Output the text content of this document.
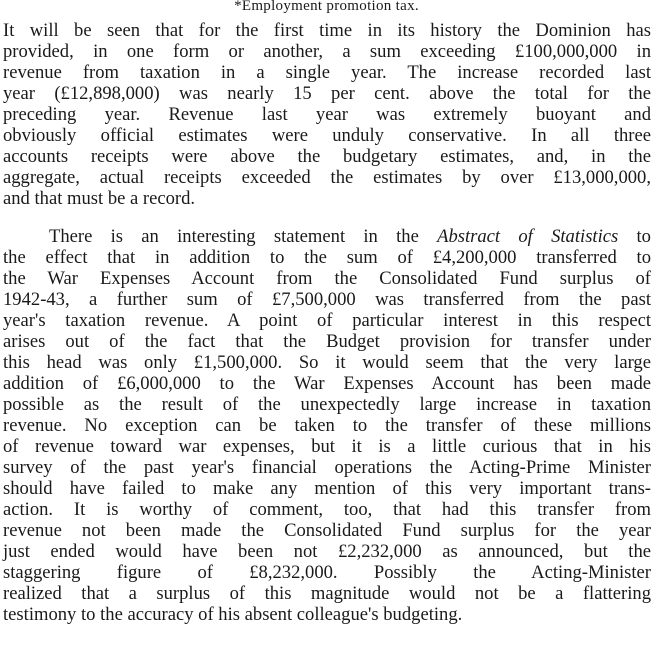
*Employment promotion tax.
It will be seen that for the first time in its history the Dominion has
provided, in one form or another, a sum exceeding £100,000,000 in
revenue from taxation in a single year. The increase recorded last
year (£12,898,000) was nearly 15 per cent. above the total for the
preceding year. Revenue last year was extremely buoyant and
obviously official estimates were unduly conservative. In all three
accounts receipts were above the budgetary estimates, and, in the
aggregate, actual receipts exceeded the estimates by over £13,000,000,
and that must be a record.
There is an interesting statement in the Abstract of Statistics to
the effect that in addition to the sum of £4,200,000 transferred to
the War Expenses Account from the Consolidated Fund surplus of
1942-43, a further sum of £7,500,000 was transferred from the past
year's taxation revenue. A point of particular interest in this respect
arises out of the fact that the Budget provision for transfer under
this head was only £1,500,000. So it would seem that the very large
addition of £6,000,000 to the War Expenses Account has been made
possible as the result of the unexpectedly large increase in taxation
revenue. No exception can be taken to the transfer of these millions
of revenue toward war expenses, but it is a little curious that in his
survey of the past year's financial operations the Acting-Prime Minister
should have failed to make any mention of this very important trans-
action. It is worthy of comment, too, that had this transfer from
revenue not been made the Consolidated Fund surplus for the year
just ended would have been not £2,232,000 as announced, but the
staggering figure of £8,232,000. Possibly the Acting-Minister
realized that a surplus of this magnitude would not be a flattering
testimony to the accuracy of his absent colleague's budgeting.
